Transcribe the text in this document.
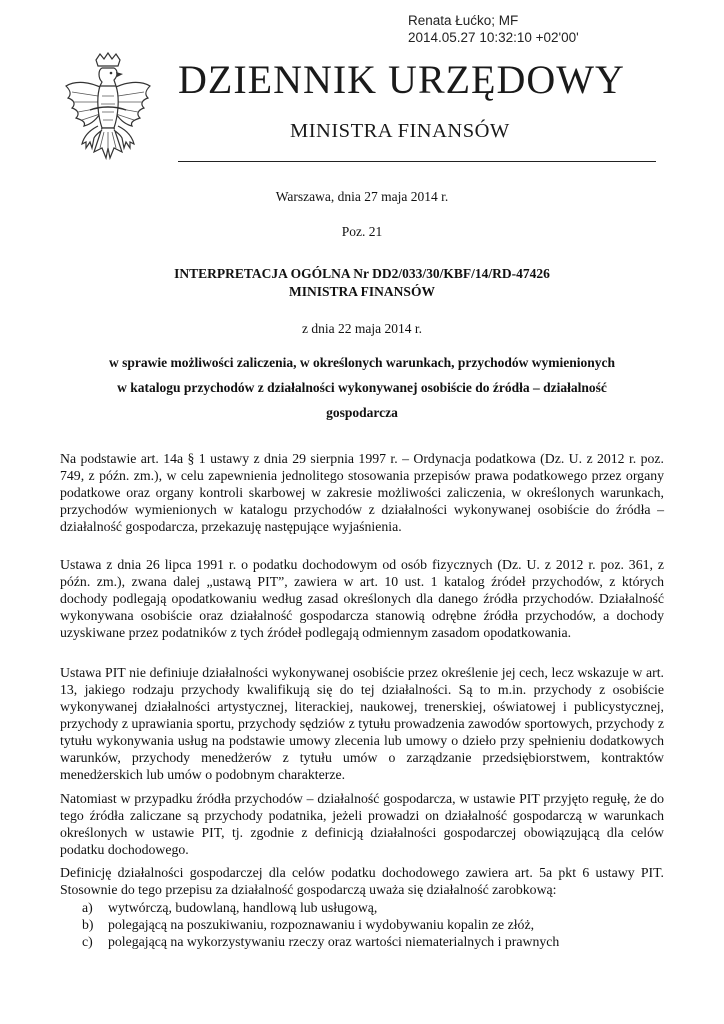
Renata Łućko; MF
2014.05.27 10:32:10 +02'00'
DZIENNIK URZĘDOWY
MINISTRA FINANSÓW
Warszawa, dnia 27 maja 2014 r.
Poz. 21
INTERPRETACJA OGÓLNA Nr DD2/033/30/KBF/14/RD-47426
MINISTRA FINANSÓW
z dnia 22 maja 2014 r.
w sprawie możliwości zaliczenia, w określonych warunkach, przychodów wymienionych
w katalogu przychodów z działalności wykonywanej osobiście do źródła – działalność
gospodarcza

Na podstawie art. 14a § 1 ustawy z dnia 29 sierpnia 1997 r. – Ordynacja podatkowa (Dz. U. z 2012 r. poz. 749, z późn. zm.), w celu zapewnienia jednolitego stosowania przepisów prawa podatkowego przez organy podatkowe oraz organy kontroli skarbowej w zakresie możliwości zaliczenia, w określonych warunkach, przychodów wymienionych w katalogu przychodów z działalności wykonywanej osobiście do źródła – działalność gospodarcza, przekazuję następujące wyjaśnienia.

Ustawa z dnia 26 lipca 1991 r. o podatku dochodowym od osób fizycznych (Dz. U. z 2012 r. poz. 361, z późn. zm.), zwana dalej „ustawą PIT”, zawiera w art. 10 ust. 1 katalog źródeł przychodów, z których dochody podlegają opodatkowaniu według zasad określonych dla danego źródła przychodów. Działalność wykonywana osobiście oraz działalność gospodarcza stanowią odrębne źródła przychodów, a dochody uzyskiwane przez podatników z tych źródeł podlegają odmiennym zasadom opodatkowania.

Ustawa PIT nie definiuje działalności wykonywanej osobiście przez określenie jej cech, lecz wskazuje w art. 13, jakiego rodzaju przychody kwalifikują się do tej działalności. Są to m.in. przychody z osobiście wykonywanej działalności artystycznej, literackiej, naukowej, trenerskiej, oświatowej i publicystycznej, przychody z uprawiania sportu, przychody sędziów z tytułu prowadzenia zawodów sportowych, przychody z tytułu wykonywania usług na podstawie umowy zlecenia lub umowy o dzieło przy spełnieniu dodatkowych warunków, przychody menedżerów z tytułu umów o zarządzanie przedsiębiorstwem, kontraktów menedżerskich lub umów o podobnym charakterze.

Natomiast w przypadku źródła przychodów – działalność gospodarcza, w ustawie PIT przyjęto regułę, że do tego źródła zaliczane są przychody podatnika, jeżeli prowadzi on działalność gospodarczą w warunkach określonych w ustawie PIT, tj. zgodnie z definicją działalności gospodarczej obowiązującą dla celów podatku dochodowego.

Definicję działalności gospodarczej dla celów podatku dochodowego zawiera art. 5a pkt 6 ustawy PIT. Stosownie do tego przepisu za działalność gospodarczą uważa się działalność zarobkową:

a)	wytwórczą, budowlaną, handlową lub usługową,
b)	polegającą na poszukiwaniu, rozpoznawaniu i wydobywaniu kopalin ze złóż,
c)	polegającą na wykorzystywaniu rzeczy oraz wartości niematerialnych i prawnych
